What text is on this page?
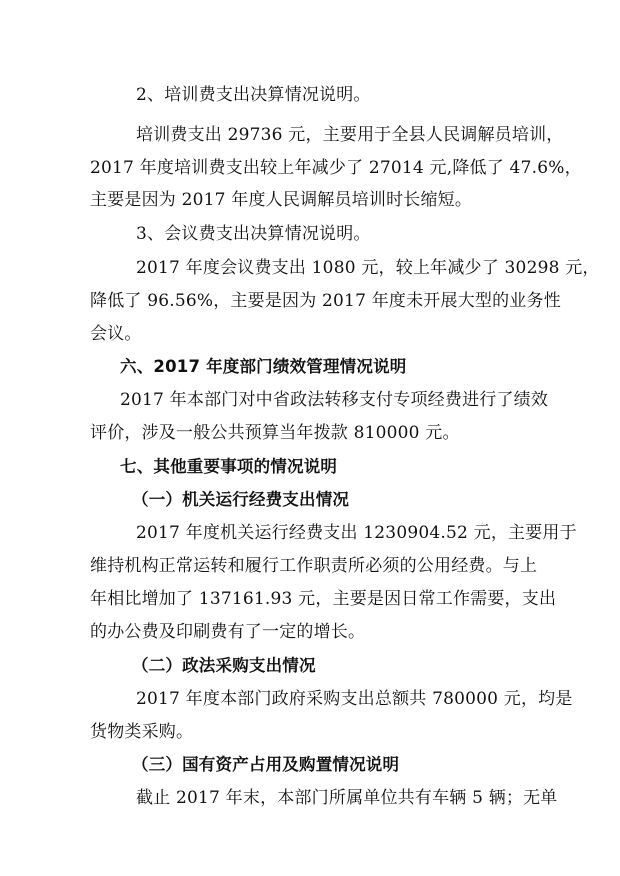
2、培训费支出决算情况说明。
培训费支出 29736 元，主要用于全县人民调解员培训，
2017 年度培训费支出较上年减少了 27014 元,降低了 47.6%，
主要是因为 2017 年度人民调解员培训时长缩短。
3、会议费支出决算情况说明。
2017 年度会议费支出 1080 元，较上年减少了 30298 元，
降低了 96.56%，主要是因为 2017 年度未开展大型的业务性
会议。
六、2017 年度部门绩效管理情况说明
2017 年本部门对中省政法转移支付专项经费进行了绩效
评价，涉及一般公共预算当年拨款 810000 元。
七、其他重要事项的情况说明
（一）机关运行经费支出情况
2017 年度机关运行经费支出 1230904.52 元，主要用于
维持机构正常运转和履行工作职责所必须的公用经费。与上
年相比增加了 137161.93 元，主要是因日常工作需要，支出
的办公费及印刷费有了一定的增长。
（二）政法采购支出情况
2017 年度本部门政府采购支出总额共 780000 元，均是
货物类采购。
（三）国有资产占用及购置情况说明
截止 2017 年末，本部门所属单位共有车辆 5 辆；无单
